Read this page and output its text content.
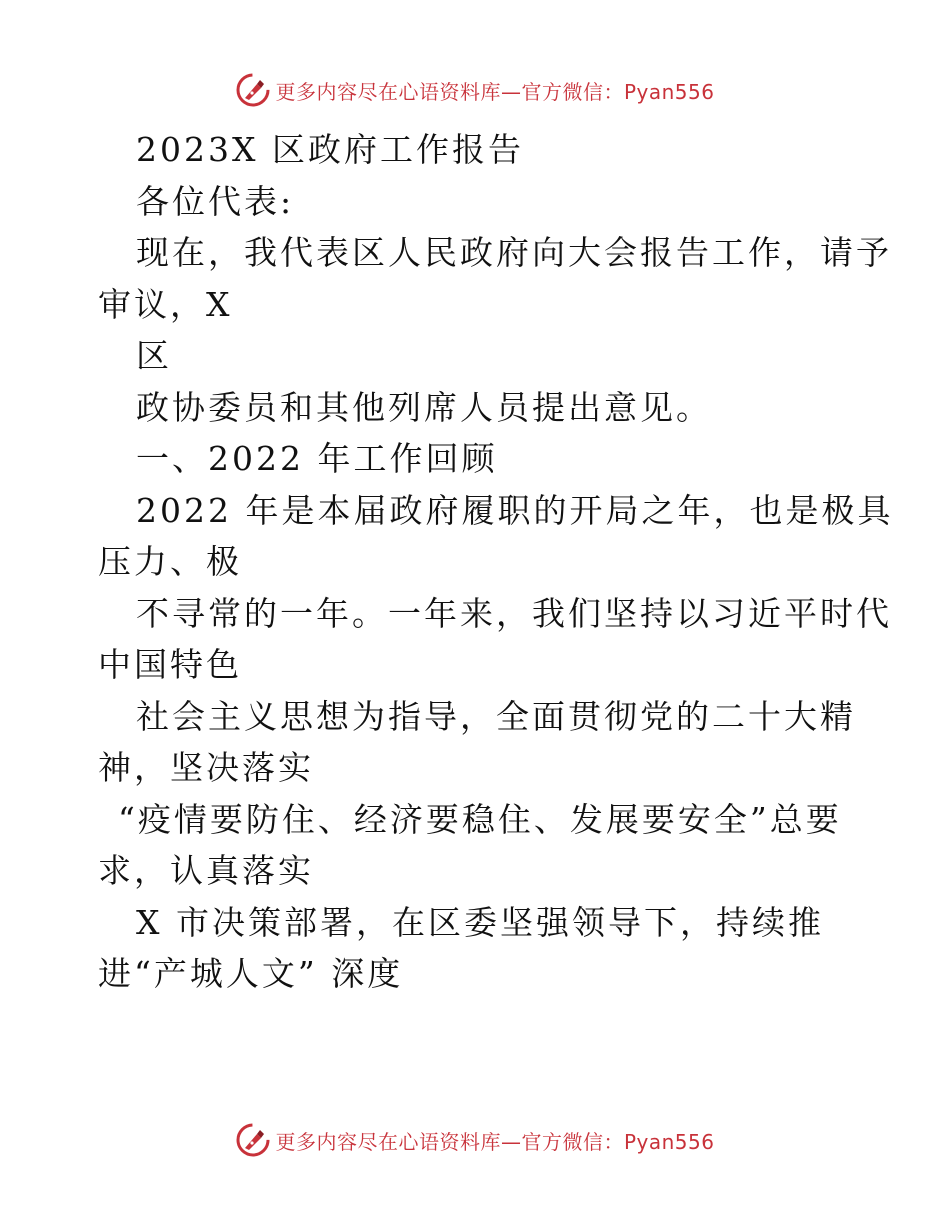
更多内容尽在心语资料库—官方微信：Pyan556
2023X 区政府工作报告
各位代表:
现在，我代表区人民政府向大会报告工作，请予
审议，X
区
政协委员和其他列席人员提出意见。
一、2022 年工作回顾
2022 年是本届政府履职的开局之年，也是极具
压力、极
不寻常的一年。一年来，我们坚持以习近平时代
中国特色
社会主义思想为指导，全面贯彻党的二十大精
神，坚决落实
“疫情要防住、经济要稳住、发展要安全”总要
求，认真落实
X 市决策部署，在区委坚强领导下，持续推
进“产城人文” 深度
更多内容尽在心语资料库—官方微信：Pyan556
